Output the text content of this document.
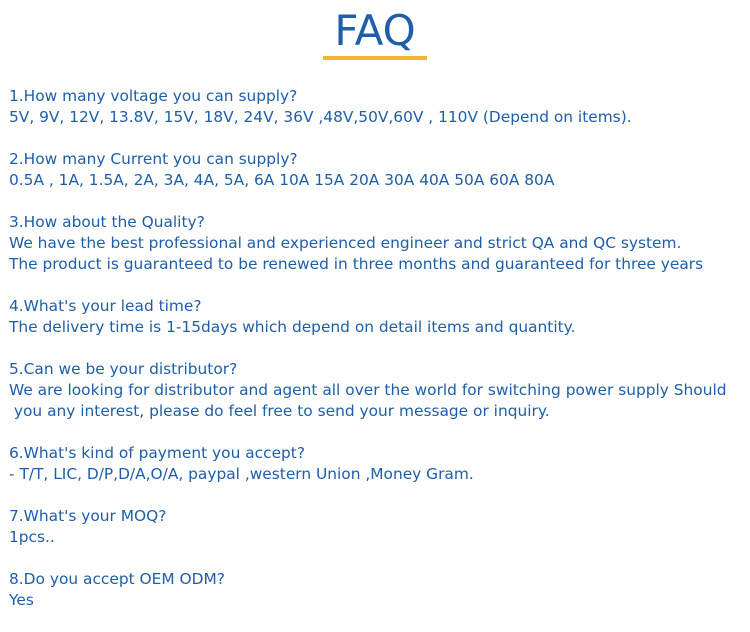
FAQ
1.How many voltage you can supply?
5V, 9V, 12V, 13.8V, 15V, 18V, 24V, 36V ,48V,50V,60V , 110V (Depend on items).
2.How many Current you can supply?
0.5A , 1A, 1.5A, 2A, 3A, 4A, 5A, 6A 10A 15A 20A 30A 40A 50A 60A 80A
3.How about the Quality?
We have the best professional and experienced engineer and strict QA and QC system.
The product is guaranteed to be renewed in three months and guaranteed for three years
4.What's your lead time?
The delivery time is 1-15days which depend on detail items and quantity.
5.Can we be your distributor?
We are looking for distributor and agent all over the world for switching power supply Should
you any interest, please do feel free to send your message or inquiry.
6.What's kind of payment you accept?
- T/T, LIC, D/P,D/A,O/A, paypal ,western Union ,Money Gram.
7.What's your MOQ?
1pcs..
8.Do you accept OEM ODM?
Yes
